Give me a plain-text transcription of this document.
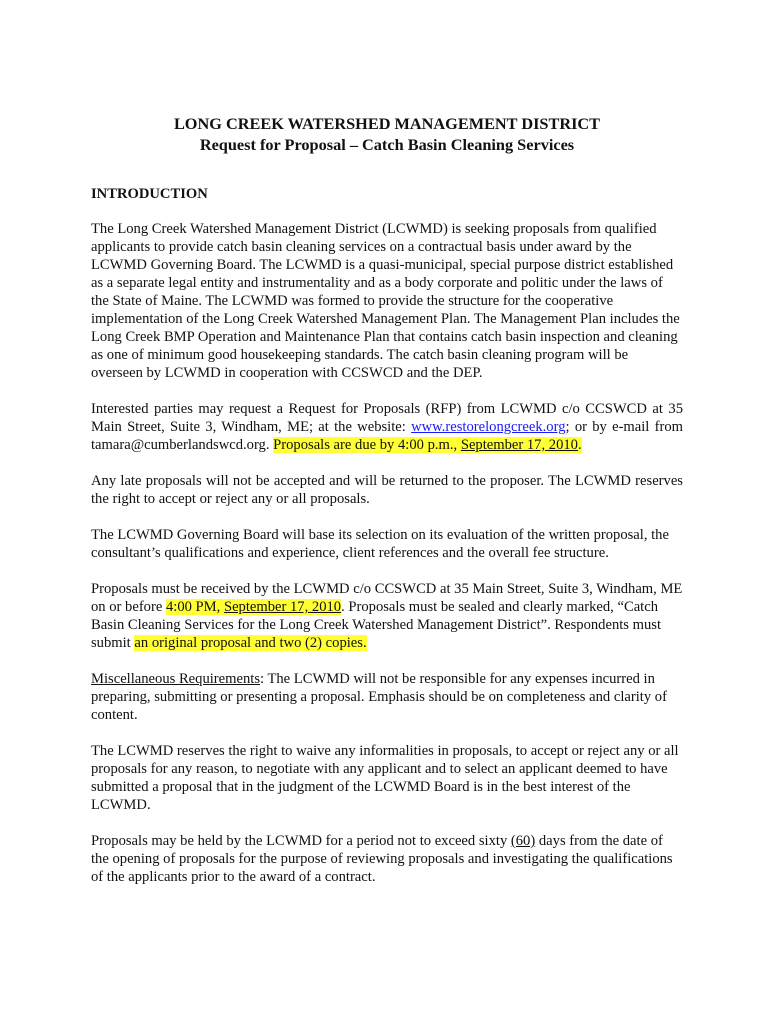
LONG CREEK WATERSHED MANAGEMENT DISTRICT
Request for Proposal – Catch Basin Cleaning Services
INTRODUCTION

The Long Creek Watershed Management District (LCWMD) is seeking proposals from qualified applicants to provide catch basin cleaning services on a contractual basis under award by the LCWMD Governing Board. The LCWMD is a quasi-municipal, special purpose district established as a separate legal entity and instrumentality and as a body corporate and politic under the laws of the State of Maine. The LCWMD was formed to provide the structure for the cooperative implementation of the Long Creek Watershed Management Plan. The Management Plan includes the Long Creek BMP Operation and Maintenance Plan that contains catch basin inspection and cleaning as one of minimum good housekeeping standards. The catch basin cleaning program will be overseen by LCWMD in cooperation with CCSWCD and the DEP.

Interested parties may request a Request for Proposals (RFP) from LCWMD c/o CCSWCD at 35 Main Street, Suite 3, Windham, ME; at the website: www.restorelongcreek.org; or by e-mail from tamara@cumberlandswcd.org. Proposals are due by 4:00 p.m., September 17, 2010.

Any late proposals will not be accepted and will be returned to the proposer. The LCWMD reserves the right to accept or reject any or all proposals.

The LCWMD Governing Board will base its selection on its evaluation of the written proposal, the consultant’s qualifications and experience, client references and the overall fee structure.

Proposals must be received by the LCWMD c/o CCSWCD at 35 Main Street, Suite 3, Windham, ME on or before 4:00 PM, September 17, 2010. Proposals must be sealed and clearly marked, “Catch Basin Cleaning Services for the Long Creek Watershed Management District”. Respondents must submit an original proposal and two (2) copies.

Miscellaneous Requirements: The LCWMD will not be responsible for any expenses incurred in preparing, submitting or presenting a proposal. Emphasis should be on completeness and clarity of content.

The LCWMD reserves the right to waive any informalities in proposals, to accept or reject any or all proposals for any reason, to negotiate with any applicant and to select an applicant deemed to have submitted a proposal that in the judgment of the LCWMD Board is in the best interest of the LCWMD.

Proposals may be held by the LCWMD for a period not to exceed sixty (60) days from the date of the opening of proposals for the purpose of reviewing proposals and investigating the qualifications of the applicants prior to the award of a contract.
